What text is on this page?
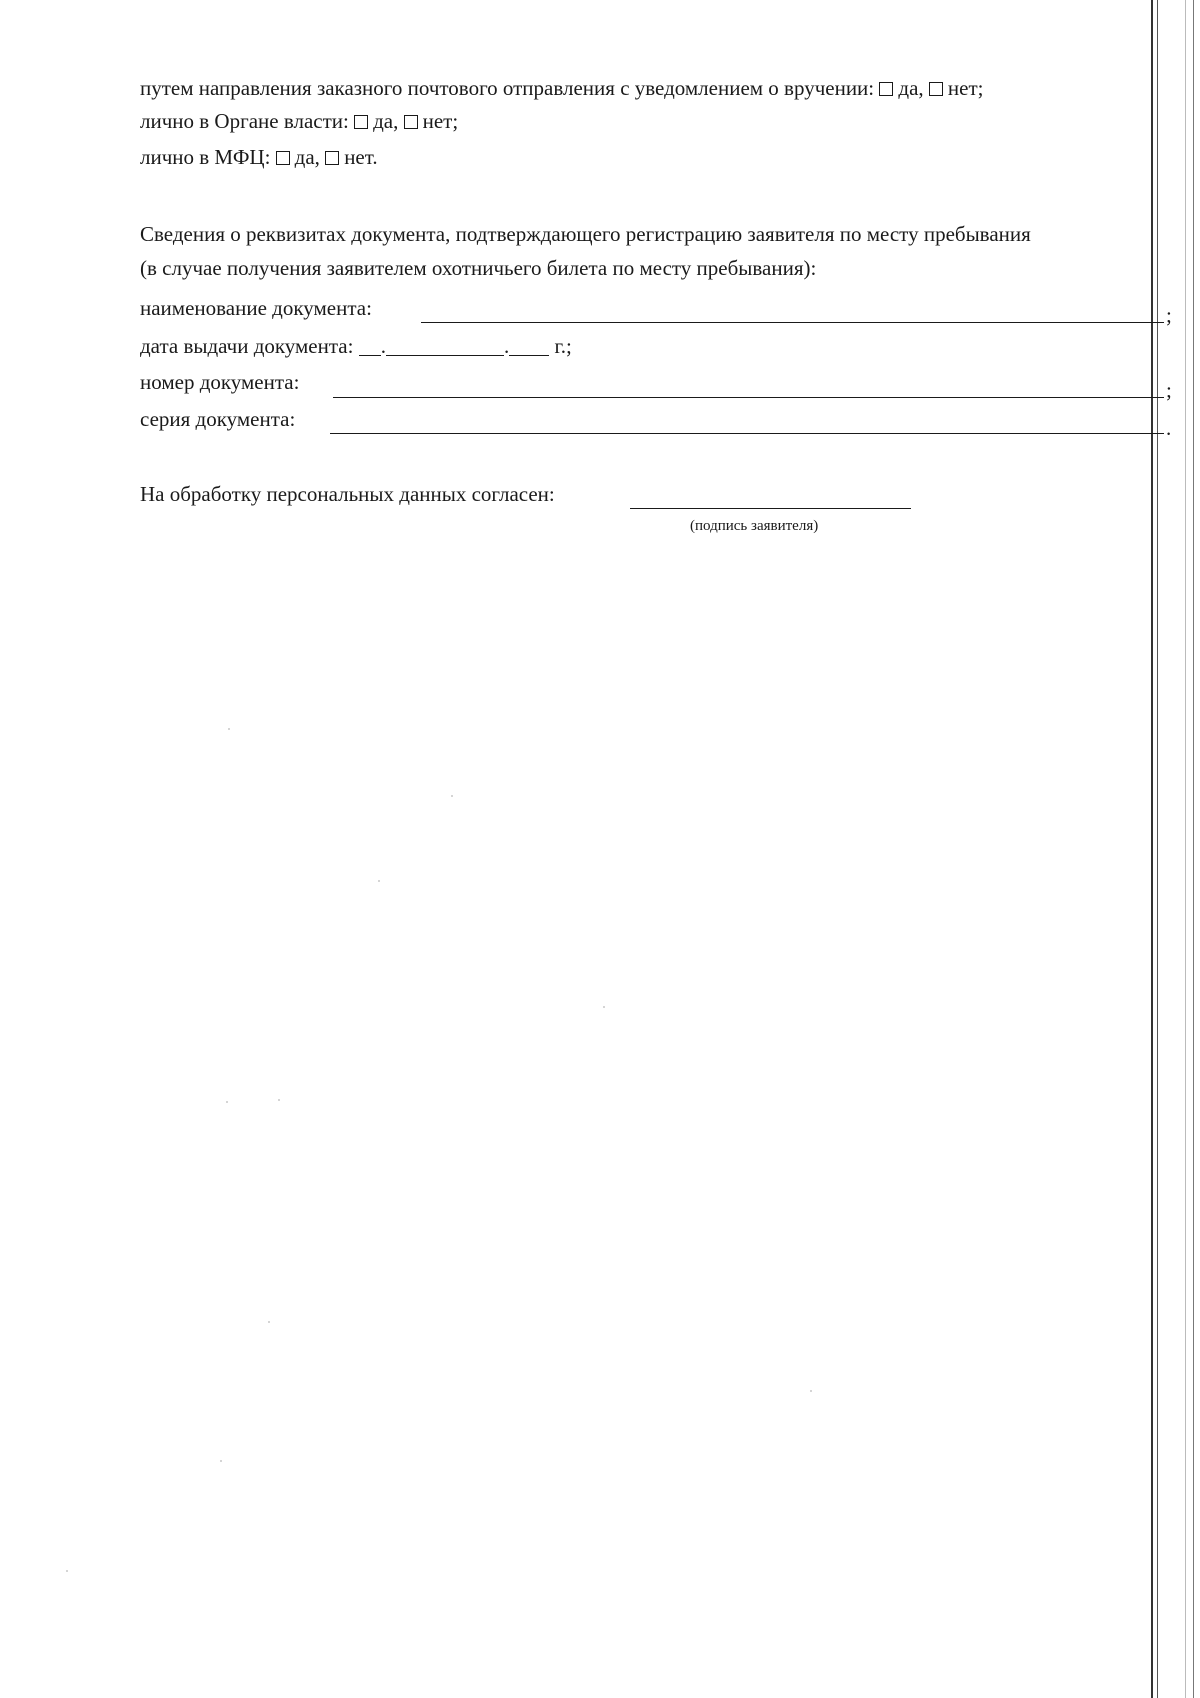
путем направления заказного почтового отправления с уведомлением о вручении: да, нет;
лично в Органе власти: да, нет;
лично в МФЦ: да, нет.
Сведения о реквизитах документа, подтверждающего регистрацию заявителя по месту пребывания
(в случае получения заявителем охотничьего билета по месту пребывания):
наименование документа:	;
дата выдачи документа: .	. г.;
номер документа:	;
серия документа:	.
На обработку персональных данных согласен:
(подпись заявителя)
